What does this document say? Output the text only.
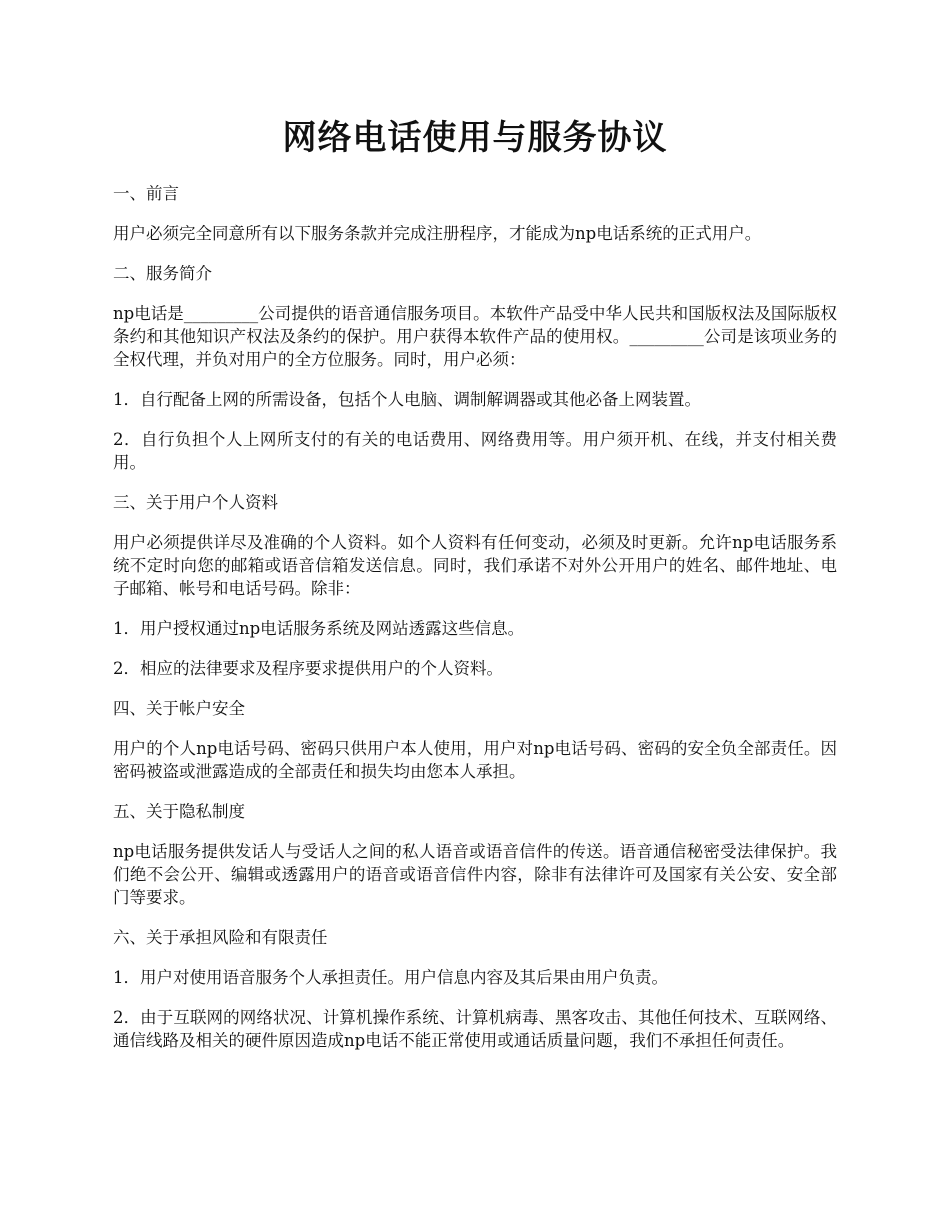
网络电话使用与服务协议
一、前言
用户必须完全同意所有以下服务条款并完成注册程序，才能成为np电话系统的正式用户。
二、服务简介
np电话是_________公司提供的语音通信服务项目。本软件产品受中华人民共和国版权法及国际版权条约和其他知识产权法及条约的保护。用户获得本软件产品的使用权。_________公司是该项业务的全权代理，并负对用户的全方位服务。同时，用户必须：
1．自行配备上网的所需设备，包括个人电脑、调制解调器或其他必备上网装置。
2．自行负担个人上网所支付的有关的电话费用、网络费用等。用户须开机、在线，并支付相关费用。
三、关于用户个人资料
用户必须提供详尽及准确的个人资料。如个人资料有任何变动，必须及时更新。允许np电话服务系统不定时向您的邮箱或语音信箱发送信息。同时，我们承诺不对外公开用户的姓名、邮件地址、电子邮箱、帐号和电话号码。除非：
1．用户授权通过np电话服务系统及网站透露这些信息。
2．相应的法律要求及程序要求提供用户的个人资料。
四、关于帐户安全
用户的个人np电话号码、密码只供用户本人使用，用户对np电话号码、密码的安全负全部责任。因密码被盗或泄露造成的全部责任和损失均由您本人承担。
五、关于隐私制度
np电话服务提供发话人与受话人之间的私人语音或语音信件的传送。语音通信秘密受法律保护。我们绝不会公开、编辑或透露用户的语音或语音信件内容，除非有法律许可及国家有关公安、安全部门等要求。
六、关于承担风险和有限责任
1．用户对使用语音服务个人承担责任。用户信息内容及其后果由用户负责。
2．由于互联网的网络状况、计算机操作系统、计算机病毒、黑客攻击、其他任何技术、互联网络、通信线路及相关的硬件原因造成np电话不能正常使用或通话质量问题，我们不承担任何责任。
